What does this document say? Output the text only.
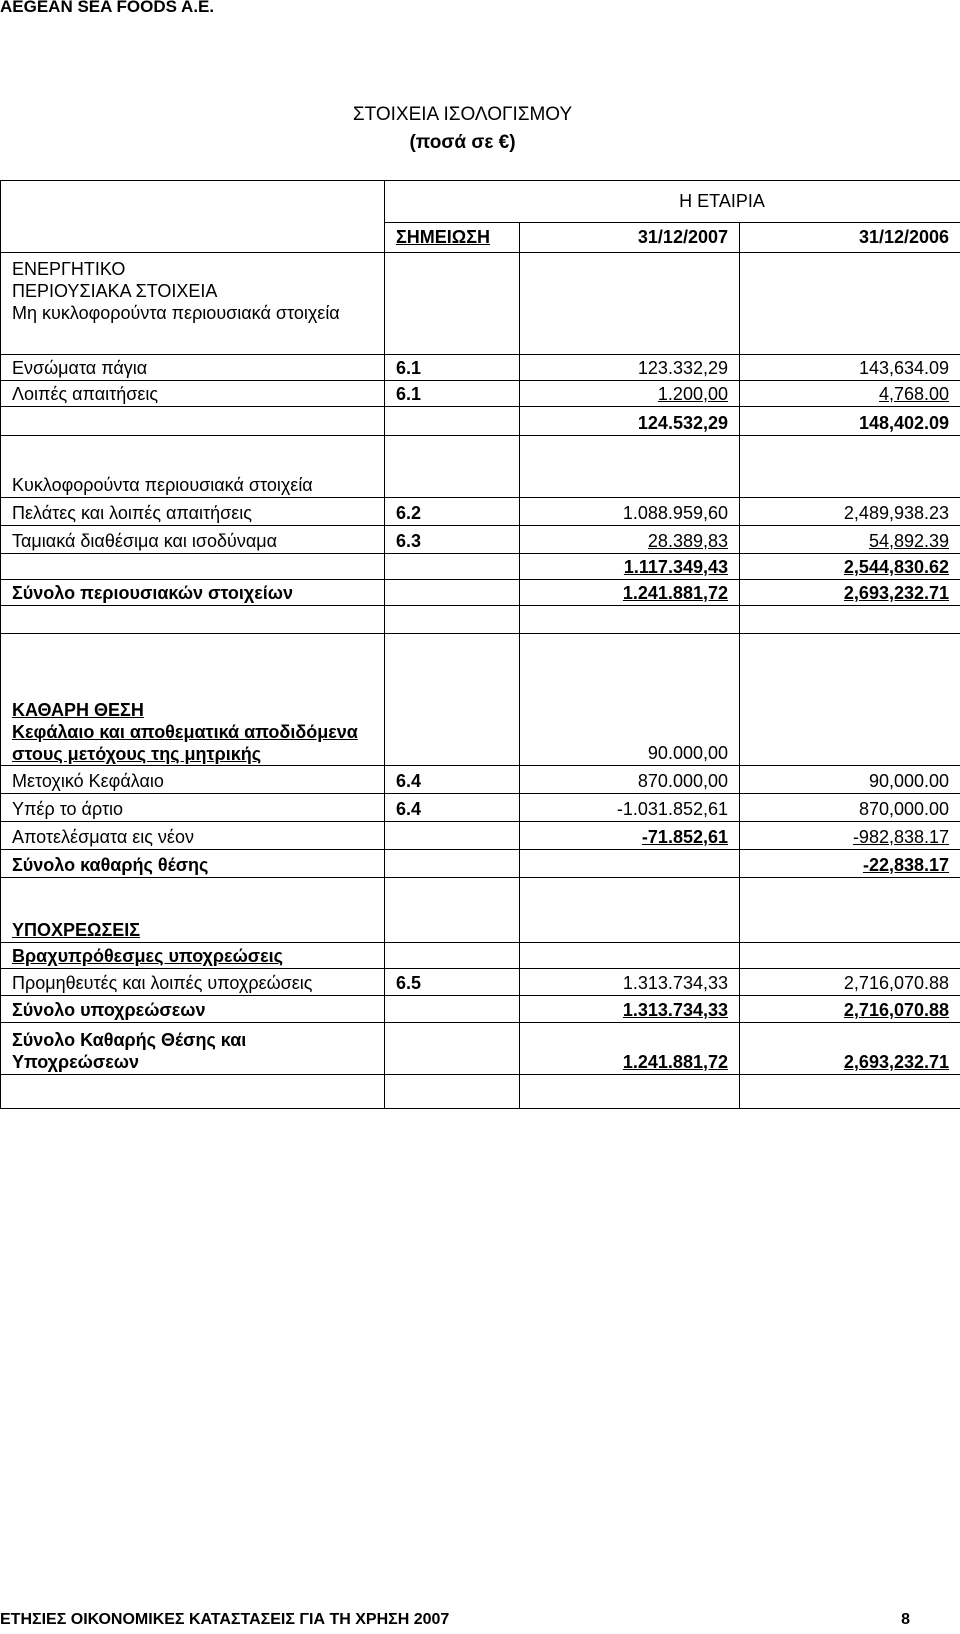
AEGEAN SEA FOODS A.E.
ΣΤΟΙΧΕΙΑ ΙΣΟΛΟΓΙΣΜΟΥ
(ποσά σε €)
	Η ΕΤΑΙΡΙΑ		
	ΣΗΜΕΙΩΣΗ	31/12/2007	31/12/2006

ΕΝΕΡΓΗΤΙΚΟ
ΠΕΡΙΟΥΣΙΑΚΑ ΣΤΟΙΧΕΙΑ
Μη κυκλοφορούντα περιουσιακά στοιχεία			

Ενσώματα πάγια	6.1	123.332,29	143,634.09
Λοιπές απαιτήσεις	6.1	1.200,00	4,768.00
		124.532,29	148,402.09
Κυκλοφορούντα περιουσιακά στοιχεία			
Πελάτες και λοιπές απαιτήσεις	6.2	1.088.959,60	2,489,938.23
Ταμιακά διαθέσιμα και ισοδύναμα	6.3	28.389,83	54,892.39
		1.117.349,43	2,544,830.62
Σύνολο περιουσιακών στοιχείων		1.241.881,72	2,693,232.71

ΚΑΘΑΡΗ ΘΕΣΗ
Κεφάλαιο και αποθεματικά αποδιδόμενα στους μετόχους της μητρικής		90.000,00	
Μετοχικό Κεφάλαιο	6.4	870.000,00	90,000.00
Υπέρ το άρτιο	6.4	-1.031.852,61	870,000.00
Αποτελέσματα εις νέον		-71.852,61	-982,838.17
Σύνολο καθαρής θέσης			-22,838.17

ΥΠΟΧΡΕΩΣΕΙΣ			

Βραχυπρόθεσμες υποχρεώσεις			
Προμηθευτές και λοιπές υποχρεώσεις	6.5	1.313.734,33	2,716,070.88
Σύνολο υποχρεώσεων		1.313.734,33	2,716,070.88
Σύνολο Καθαρής Θέσης και Υποχρεώσεων		1.241.881,72	2,693,232.71

ΕΤΗΣΙΕΣ ΟΙΚΟΝΟΜΙΚΕΣ ΚΑΤΑΣΤΑΣΕΙΣ ΓΙΑ ΤΗ ΧΡΗΣΗ 2007	8
